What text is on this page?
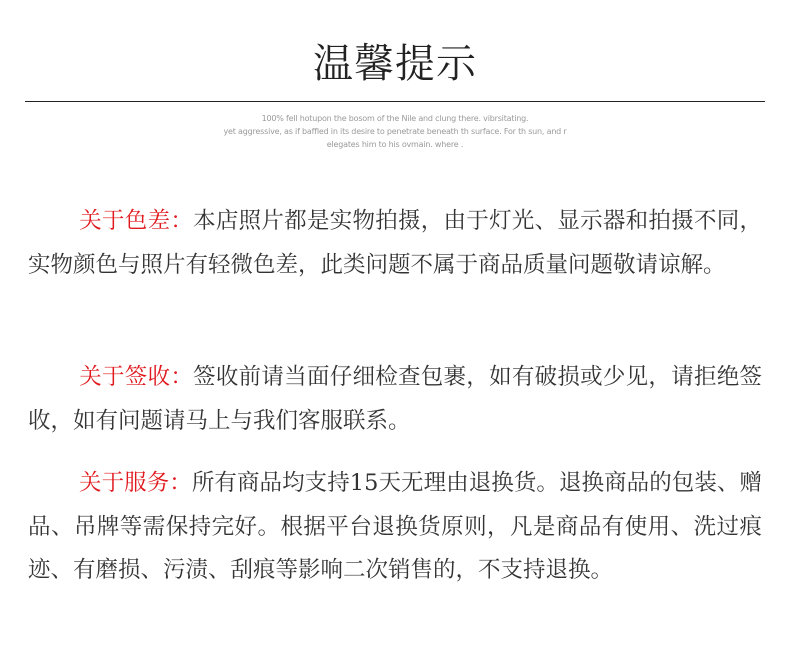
温馨提示
100% fell hotupon the bosom of the Nile and clung there. vibrsitating.
yet aggressive, as if baffled in its desire to penetrate beneath th surface. For th sun, and r
elegates him to his ovmain. where .
关于色差：本店照片都是实物拍摄，由于灯光、显示器和拍摄不同，实物颜色与照片有轻微色差，此类问题不属于商品质量问题敬请谅解。
关于签收：签收前请当面仔细检查包裹，如有破损或少见，请拒绝签收，如有问题请马上与我们客服联系。
关于服务：所有商品均支持15天无理由退换货。退换商品的包装、赠品、吊牌等需保持完好。根据平台退换货原则，凡是商品有使用、洗过痕迹、有磨损、污渍、刮痕等影响二次销售的，不支持退换。
